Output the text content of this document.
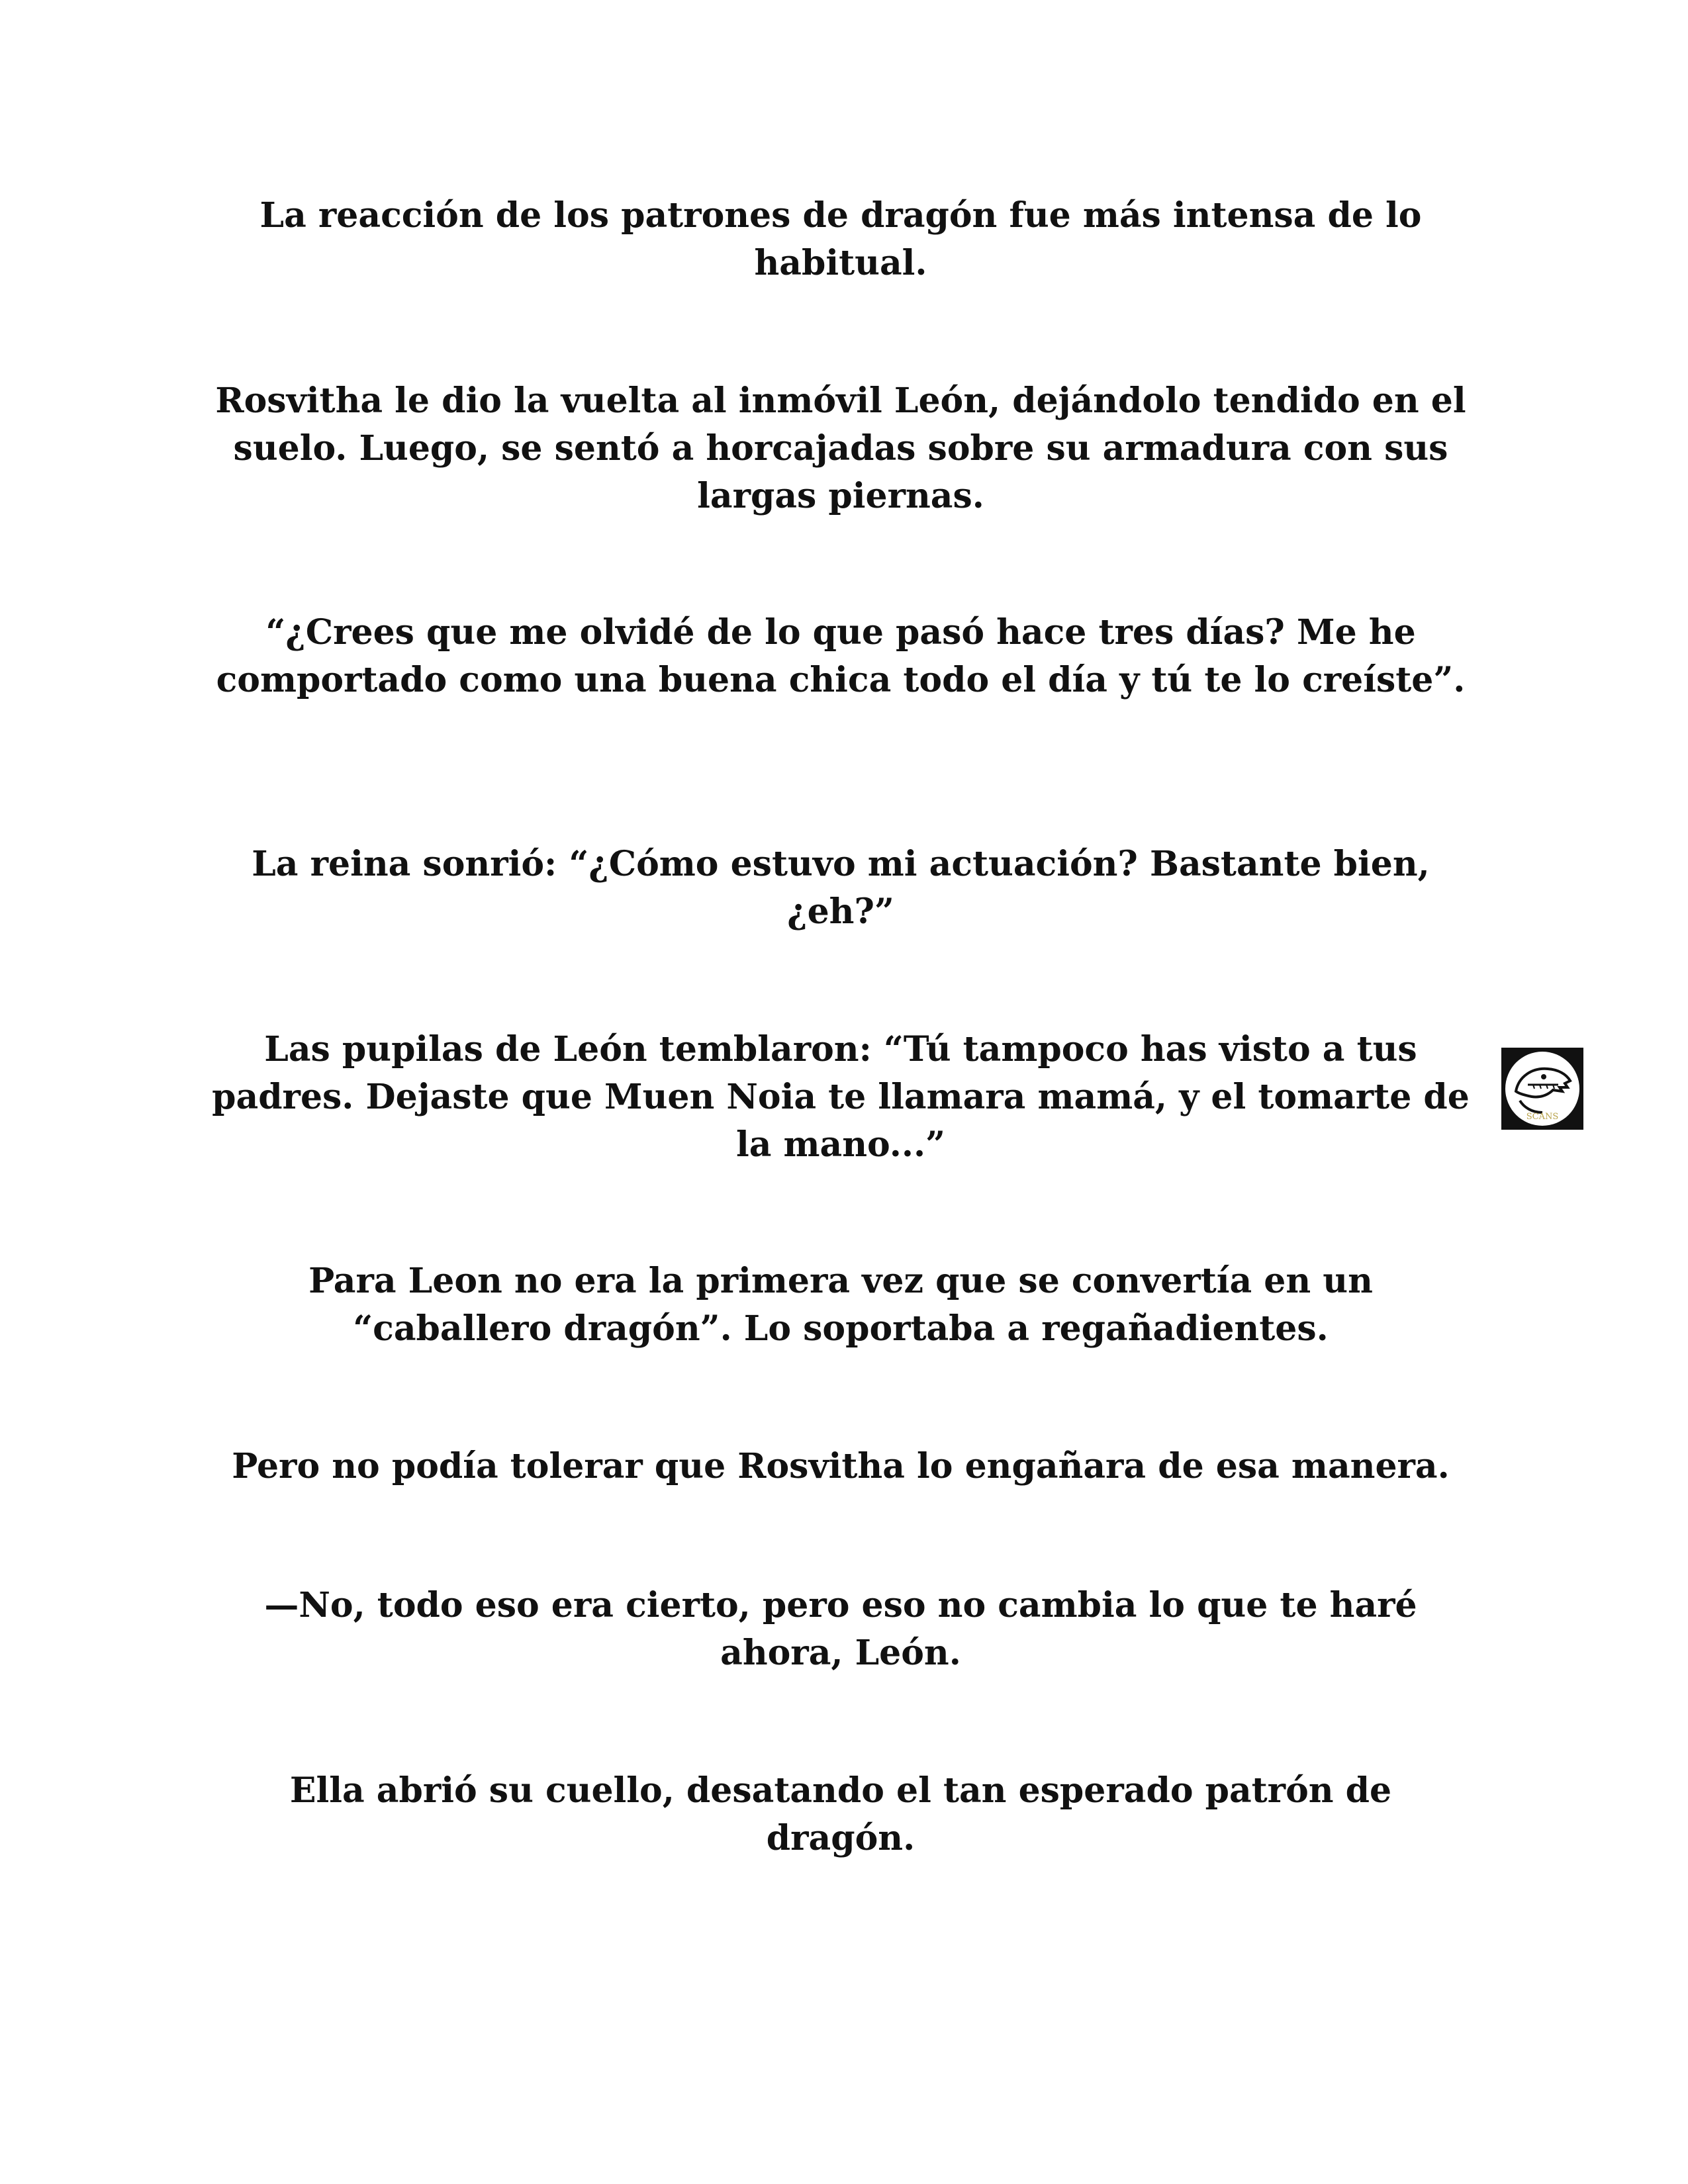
La reacción de los patrones de dragón fue más intensa de lo habitual.
Rosvitha le dio la vuelta al inmóvil León, dejándolo tendido en el suelo. Luego, se sentó a horcajadas sobre su armadura con sus largas piernas.
“¿Crees que me olvidé de lo que pasó hace tres días? Me he comportado como una buena chica todo el día y tú te lo creíste”.
La reina sonrió: “¿Cómo estuvo mi actuación? Bastante bien, ¿eh?”
Las pupilas de León temblaron: “Tú tampoco has visto a tus padres. Dejaste que Muen Noia te llamara mamá, y el tomarte de la mano...”
Para Leon no era la primera vez que se convertía en un “caballero dragón”. Lo soportaba a regañadientes.
Pero no podía tolerar que Rosvitha lo engañara de esa manera.
—No, todo eso era cierto, pero eso no cambia lo que te haré ahora, León.
Ella abrió su cuello, desatando el tan esperado patrón de dragón.
SCANS
